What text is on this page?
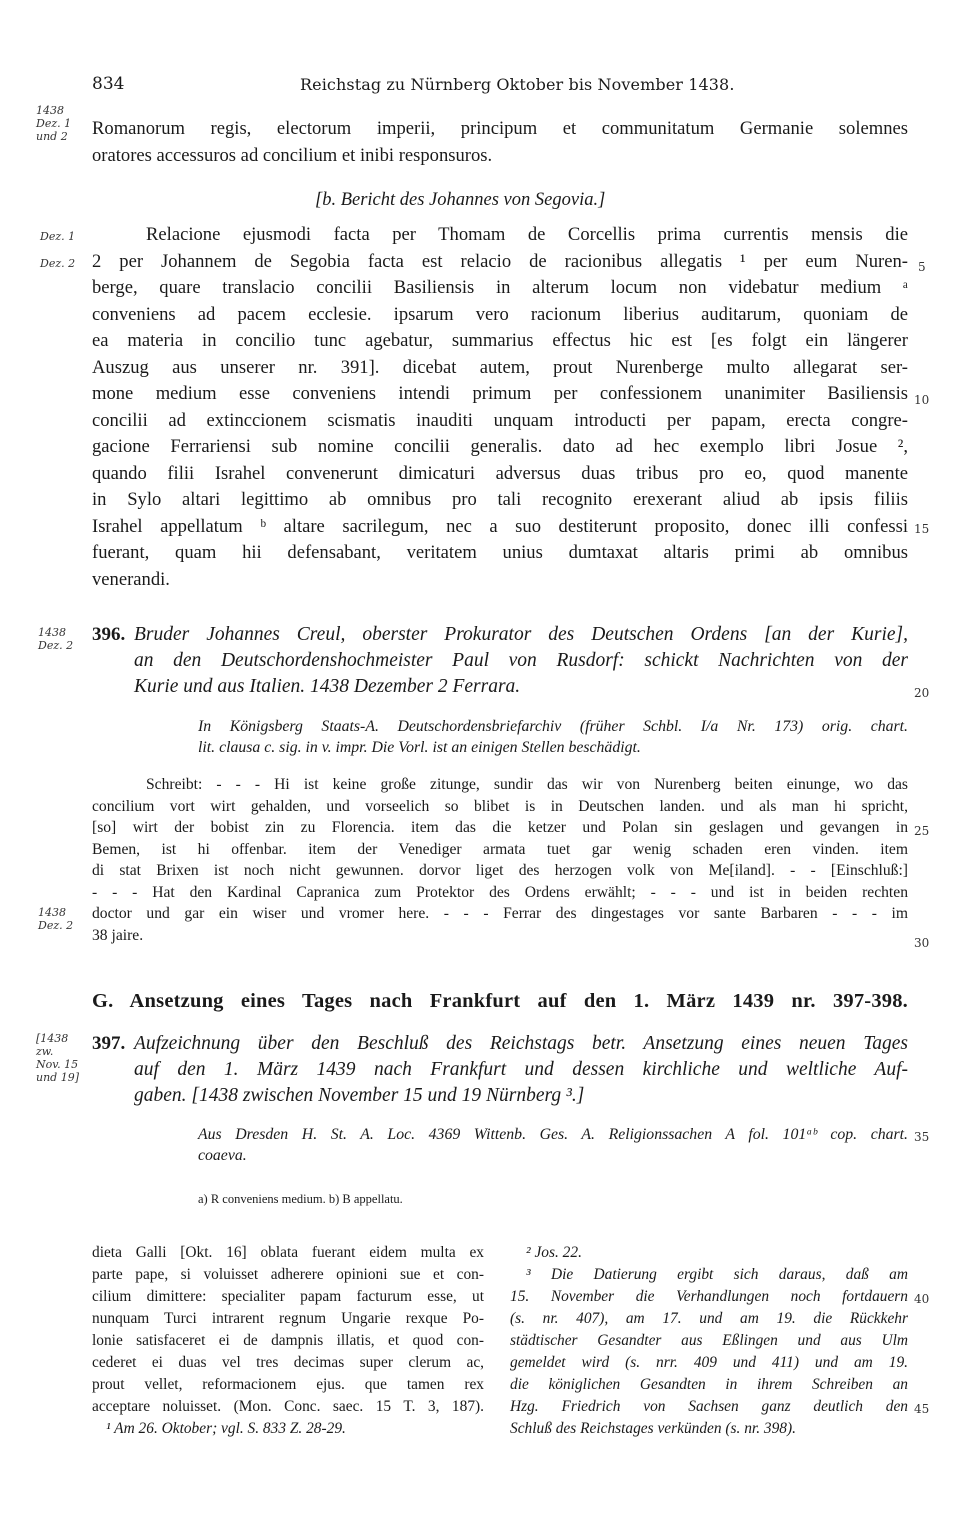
834	Reichstag zu Nürnberg Oktober bis November 1438.
1438
Dez. 1
und 2 Romanorum regis, electorum imperii, principum et communitatum Germanie solemnes
oratores accessuros ad concilium et inibi responsuros.
[b. Bericht des Johannes von Segovia.]
Dez. 1
Dez. 2
Relacione ejusmodi facta per Thomam de Corcellis prima currentis mensis die
2 per Johannem de Segobia facta est relacio de racionibus allegatis ¹ per eum Nuren-
berge, quare translacio concilii Basiliensis in alterum locum non videbatur medium ᵃ
conveniens ad pacem ecclesie. ipsarum vero racionum liberius auditarum, quoniam de
ea materia in concilio tunc agebatur, summarius effectus hic est [es folgt ein längerer
Auszug aus unserer nr. 391]. dicebat autem, prout Nurenberge multo allegarat ser-
mone medium esse conveniens intendi primum per confessionem unanimiter Basiliensis
concilii ad extinccionem scismatis inauditi unquam introducti per papam, erecta congre-
gacione Ferrariensi sub nomine concilii generalis. dato ad hec exemplo libri Josue ²,
quando filii Israhel convenerunt dimicaturi adversus duas tribus pro eo, quod manente
in Sylo altari legittimo ab omnibus pro tali recognito erexerant aliud ab ipsis filiis
Israhel appellatum ᵇ altare sacrilegum, nec a suo destiterunt proposito, donec illi confessi
fuerant, quam hii defensabant, veritatem unius dumtaxat altaris primi ab omnibus
venerandi.
5
10
15
1438
Dez. 2
396. Bruder Johannes Creul, oberster Prokurator des Deutschen Ordens [an der Kurie],
an den Deutschordenshochmeister Paul von Rusdorf: schickt Nachrichten von der
Kurie und aus Italien. 1438 Dezember 2 Ferrara.	20
In Königsberg Staats-A. Deutschordensbriefarchiv (früher Schbl. I/a Nr. 173) orig. chart.
lit. clausa c. sig. in v. impr. Die Vorl. ist an einigen Stellen beschädigt.
Schreibt: - - - Hi ist keine große zitunge, sundir das wir von Nurenberg beiten einunge, wo das
concilium vort wirt gehalden, und vorseelich so blibet is in Deutschen landen. und als man hi spricht,
[so] wirt der bobist zin zu Florencia. item das die ketzer und Polan sin geslagen und gevangen in
Bemen, ist hi offenbar. item der Venediger armata tuet gar wenig schaden eren vinden. item
di stat Brixen ist noch nicht gewunnen. dorvor liget des herzogen volk von Me[iland]. - - [Einschluß:]
- - - Hat den Kardinal Capranica zum Protektor des Ordens erwählt; - - - und ist in beiden rechten
doctor und gar ein wiser und vromer here. - - - Ferrar des dingestages vor sante Barbaren - - - im
38 jaire.
1438
Dez. 2
25
30
G. Ansetzung eines Tages nach Frankfurt auf den 1. März 1439 nr. 397-398.
[1438
zw.
Nov. 15
und 19]
397. Aufzeichnung über den Beschluß des Reichstags betr. Ansetzung eines neuen Tages
auf den 1. März 1439 nach Frankfurt und dessen kirchliche und weltliche Auf-
gaben. [1438 zwischen November 15 und 19 Nürnberg ³.]
Aus Dresden H. St. A. Loc. 4369 Wittenb. Ges. A. Religionssachen A fol. 101ᵃᵇ cop. chart.
coaeva.
35
a) R conveniens medium. b) B appellatu.
dieta Galli [Okt. 16] oblata fuerant eidem multa ex
parte pape, si voluisset adherere opinioni sue et con-
cilium dimittere: specialiter papam facturum esse, ut
nunquam Turci intrarent regnum Ungarie rexque Po-
lonie satisfaceret ei de dampnis illatis, et quod con-
cederet ei duas vel tres decimas super clerum ac,
prout vellet, reformacionem ejus. que tamen rex
acceptare noluisset. (Mon. Conc. saec. 15 T. 3, 187).
¹ Am 26. Oktober; vgl. S. 833 Z. 28-29.
² Jos. 22.
³ Die Datierung ergibt sich daraus, daß am
15. November die Verhandlungen noch fortdauern
(s. nr. 407), am 17. und am 19. die Rückkehr
städtischer Gesandter aus Eßlingen und aus Ulm
gemeldet wird (s. nrr. 409 und 411) und am 19.
die königlichen Gesandten in ihrem Schreiben an
Hzg. Friedrich von Sachsen ganz deutlich den
Schluß des Reichstages verkünden (s. nr. 398).
40
45
